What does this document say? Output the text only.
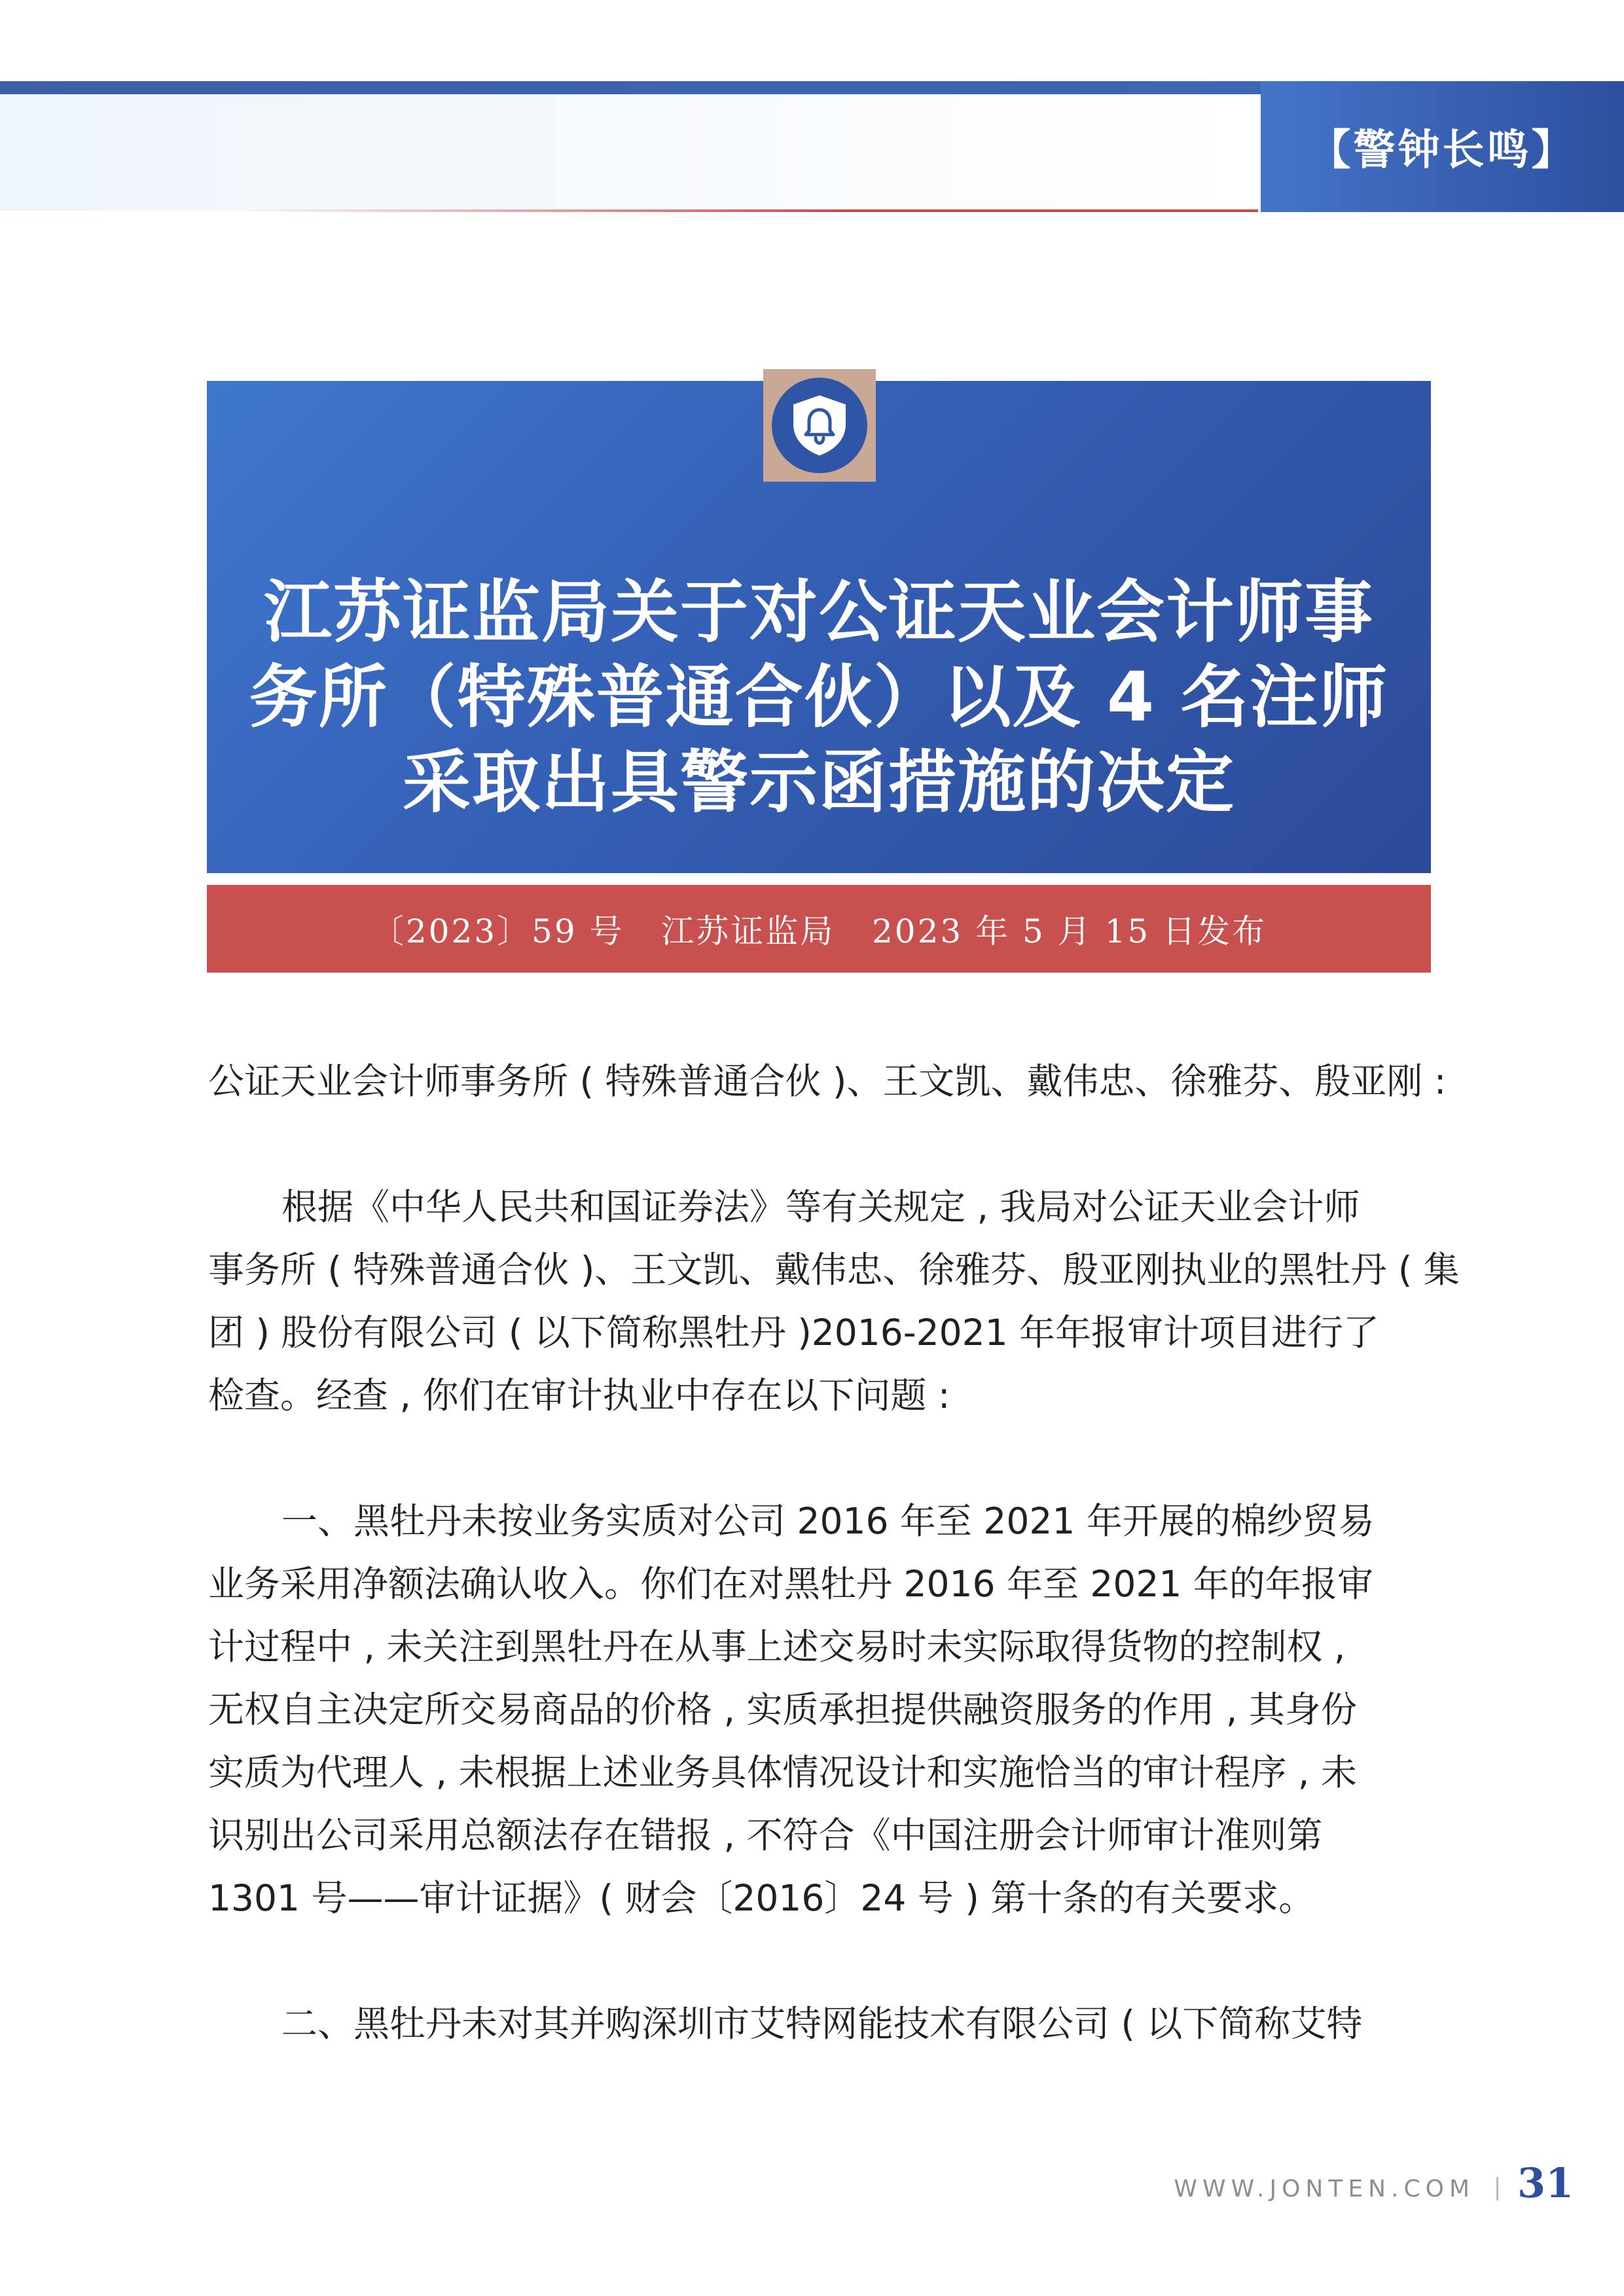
【警钟长鸣】
江苏证监局关于对公证天业会计师事
务所（特殊普通合伙）以及 4 名注师
采取出具警示函措施的决定
〔2023〕59 号   江苏证监局   2023 年 5 月 15 日发布
公证天业会计师事务所 ( 特殊普通合伙 )、王文凯、戴伟忠、徐雅芬、殷亚刚 :
根据《中华人民共和国证券法》等有关规定 , 我局对公证天业会计师
事务所 ( 特殊普通合伙 )、王文凯、戴伟忠、徐雅芬、殷亚刚执业的黑牡丹 ( 集
团 ) 股份有限公司 ( 以下简称黑牡丹 )2016-2021 年年报审计项目进行了
检查。经查 , 你们在审计执业中存在以下问题 :
一、黑牡丹未按业务实质对公司 2016 年至 2021 年开展的棉纱贸易
业务采用净额法确认收入。你们在对黑牡丹 2016 年至 2021 年的年报审
计过程中 , 未关注到黑牡丹在从事上述交易时未实际取得货物的控制权 ,
无权自主决定所交易商品的价格 , 实质承担提供融资服务的作用 , 其身份
实质为代理人 , 未根据上述业务具体情况设计和实施恰当的审计程序 , 未
识别出公司采用总额法存在错报 , 不符合《中国注册会计师审计准则第
1301 号——审计证据》( 财会〔2016〕24 号 ) 第十条的有关要求。
二、黑牡丹未对其并购深圳市艾特网能技术有限公司 ( 以下简称艾特
WWW.JONTEN.COM 31
